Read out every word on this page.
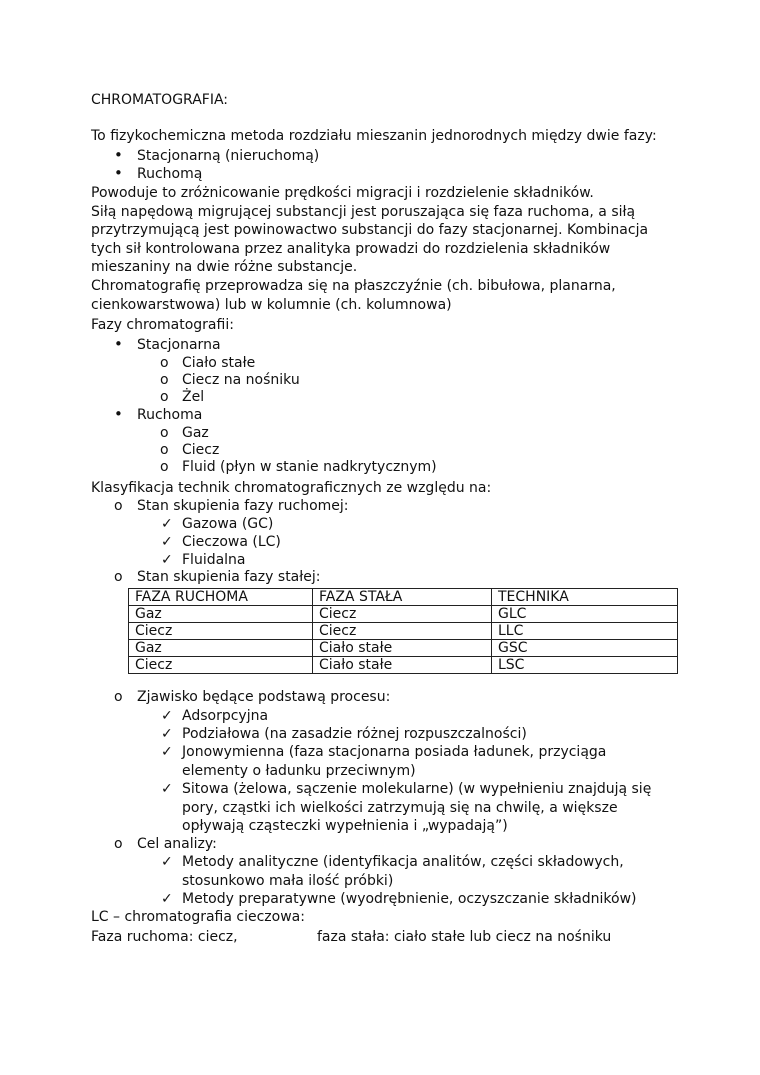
CHROMATOGRAFIA:
To fizykochemiczna metoda rozdziału mieszanin jednorodnych między dwie fazy:
• Stacjonarną (nieruchomą)
• Ruchomą
Powoduje to zróżnicowanie prędkości migracji i rozdzielenie składników.
Siłą napędową migrującej substancji jest poruszająca się faza ruchoma, a siłą
przytrzymującą jest powinowactwo substancji do fazy stacjonarnej. Kombinacja
tych sił kontrolowana przez analityka prowadzi do rozdzielenia składników
mieszaniny na dwie różne substancje.
Chromatografię przeprowadza się na płaszczyźnie (ch. bibułowa, planarna,
cienkowarstwowa) lub w kolumnie (ch. kolumnowa)
Fazy chromatografii:
• Stacjonarna
o Ciało stałe
o Ciecz na nośniku
o Żel
• Ruchoma
o Gaz
o Ciecz
o Fluid (płyn w stanie nadkrytycznym)
Klasyfikacja technik chromatograficznych ze względu na:
o Stan skupienia fazy ruchomej:
✓ Gazowa (GC)
✓ Cieczowa (LC)
✓ Fluidalna
o Stan skupienia fazy stałej:
FAZA RUCHOMA	FAZA STAŁA	TECHNIKA
Gaz	Ciecz	GLC
Ciecz	Ciecz	LLC
Gaz	Ciało stałe	GSC
Ciecz	Ciało stałe	LSC
o Zjawisko będące podstawą procesu:
✓ Adsorpcyjna
✓ Podziałowa (na zasadzie różnej rozpuszczalności)
✓ Jonowymienna (faza stacjonarna posiada ładunek, przyciąga
elementy o ładunku przeciwnym)
✓ Sitowa (żelowa, sączenie molekularne) (w wypełnieniu znajdują się
pory, cząstki ich wielkości zatrzymują się na chwilę, a większe
opływają cząsteczki wypełnienia i „wypadają”)
o Cel analizy:
✓ Metody analityczne (identyfikacja analitów, części składowych,
stosunkowo mała ilość próbki)
✓ Metody preparatywne (wyodrębnienie, oczyszczanie składników)
LC – chromatografia cieczowa:
Faza ruchoma: ciecz,	faza stała: ciało stałe lub ciecz na nośniku
